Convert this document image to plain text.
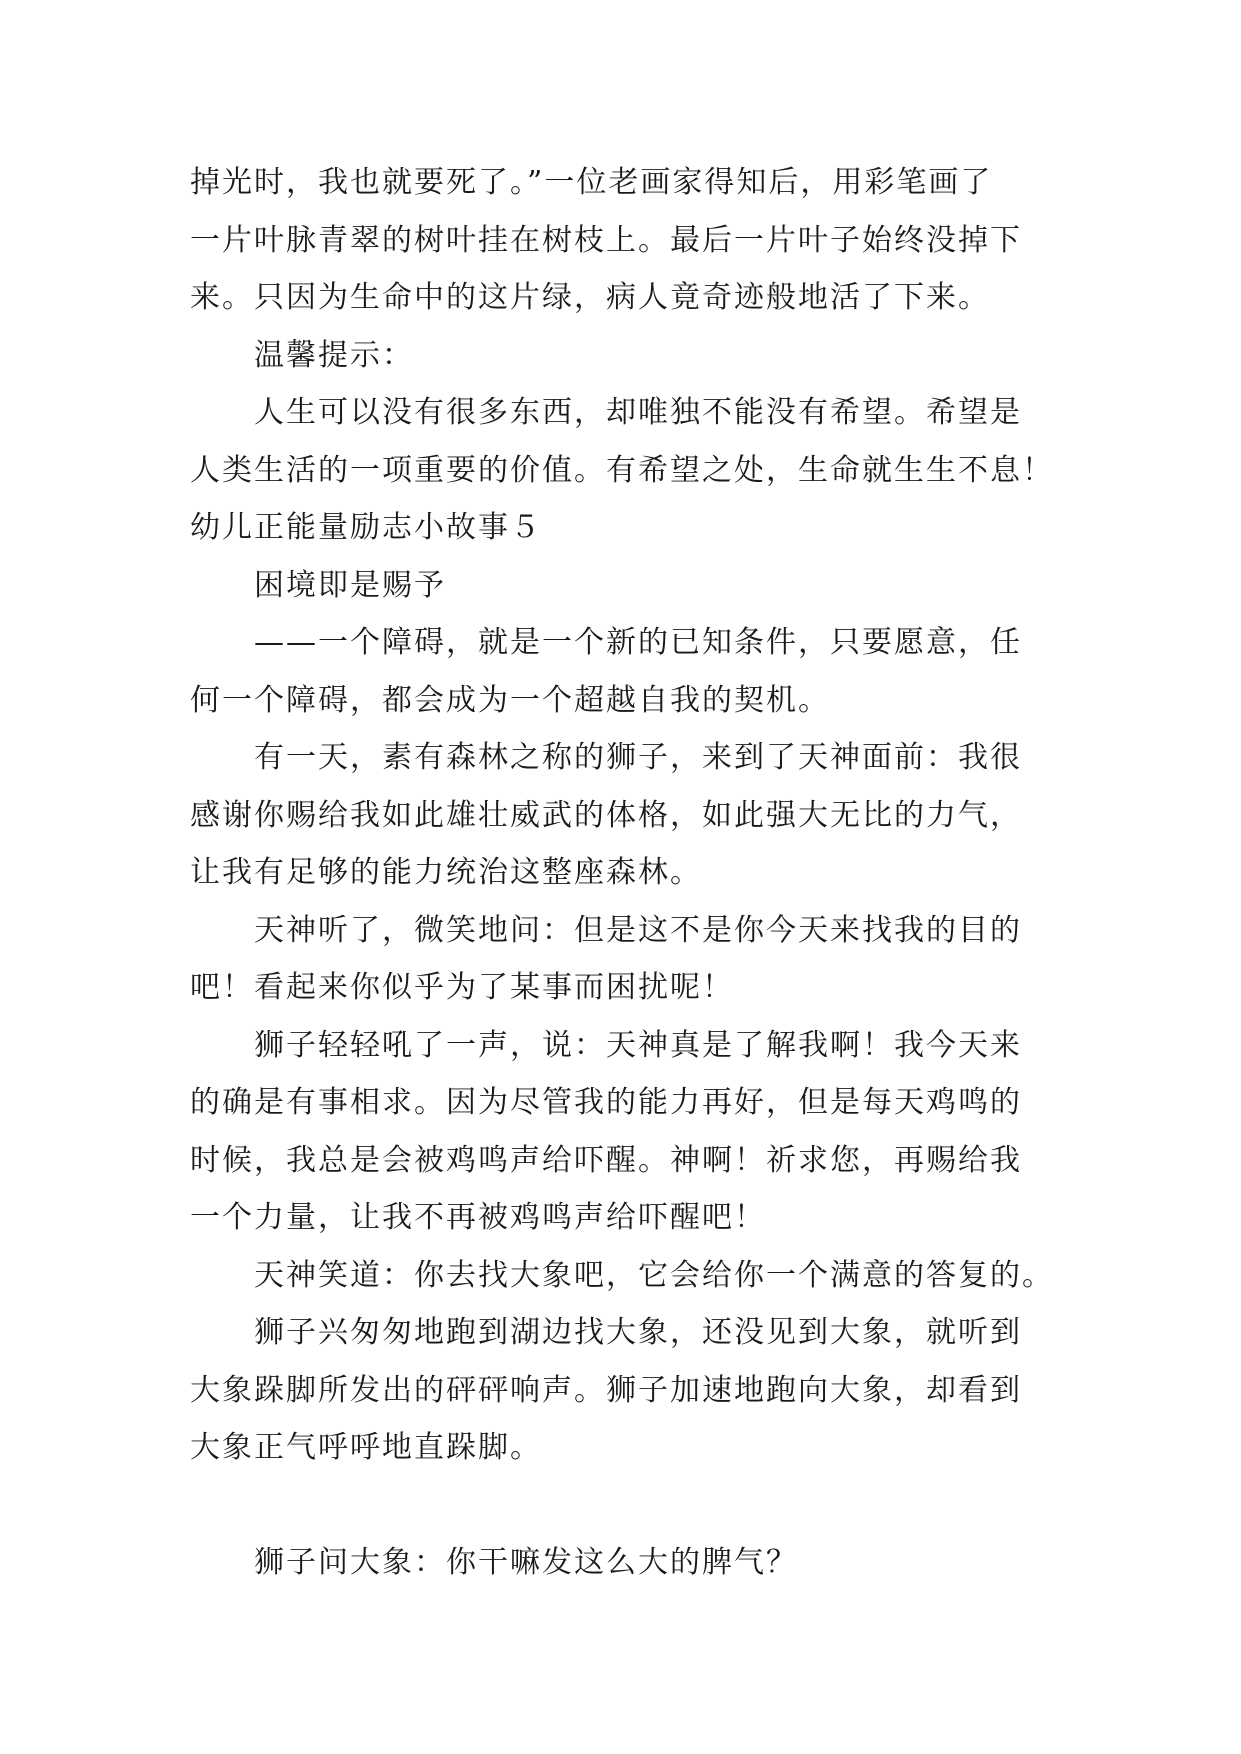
掉光时，我也就要死了。”一位老画家得知后，用彩笔画了
一片叶脉青翠的树叶挂在树枝上。最后一片叶子始终没掉下
来。只因为生命中的这片绿，病人竟奇迹般地活了下来。
温馨提示：
人生可以没有很多东西，却唯独不能没有希望。希望是
人类生活的一项重要的价值。有希望之处，生命就生生不息！
幼儿正能量励志小故事５
困境即是赐予
——一个障碍，就是一个新的已知条件，只要愿意，任
何一个障碍，都会成为一个超越自我的契机。
有一天，素有森林之称的狮子，来到了天神面前：我很
感谢你赐给我如此雄壮威武的体格，如此强大无比的力气，
让我有足够的能力统治这整座森林。
天神听了，微笑地问：但是这不是你今天来找我的目的
吧！看起来你似乎为了某事而困扰呢！
狮子轻轻吼了一声，说：天神真是了解我啊！我今天来
的确是有事相求。因为尽管我的能力再好，但是每天鸡鸣的
时候，我总是会被鸡鸣声给吓醒。神啊！祈求您，再赐给我
一个力量，让我不再被鸡鸣声给吓醒吧！
天神笑道：你去找大象吧，它会给你一个满意的答复的。
狮子兴匆匆地跑到湖边找大象，还没见到大象，就听到
大象跺脚所发出的砰砰响声。狮子加速地跑向大象，却看到
大象正气呼呼地直跺脚。
狮子问大象：你干嘛发这么大的脾气？
